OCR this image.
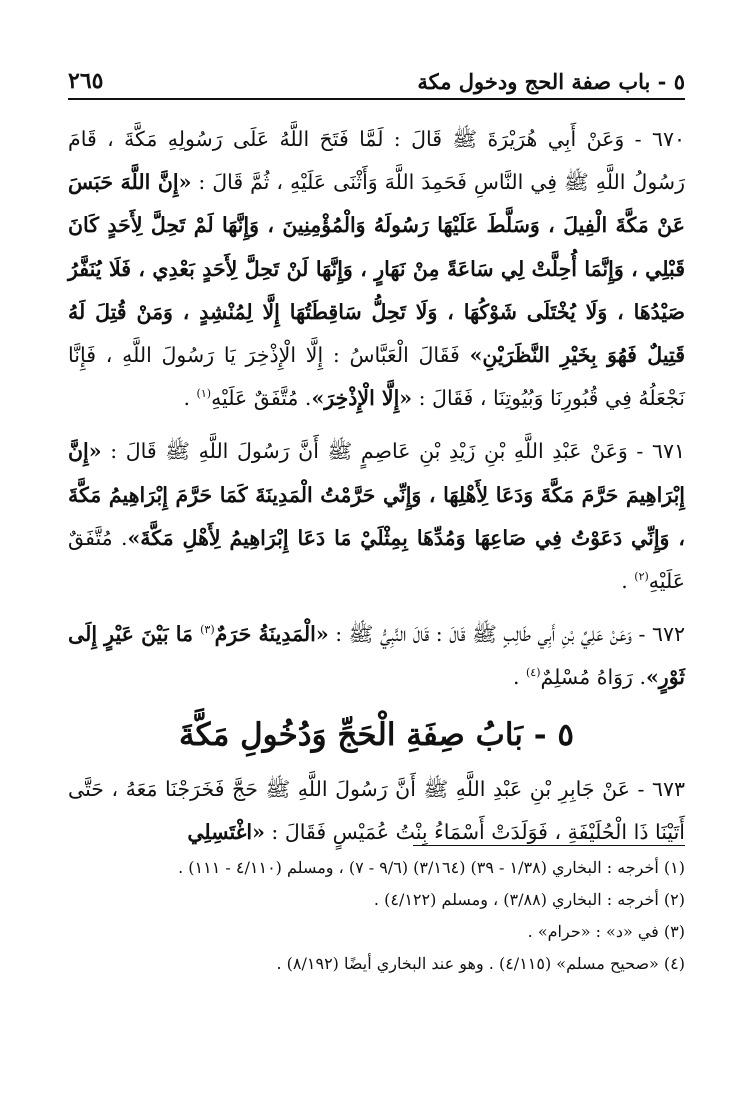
٢٦٥	٥ - باب صفة الحج ودخول مكة

٦٧٠ - وَعَنْ أَبِي هُرَيْرَةَ ﷺ قَالَ : لَمَّا فَتَحَ اللَّهُ عَلَى رَسُولِهِ مَكَّةَ ، قَامَ رَسُولُ اللَّهِ ﷺ فِي النَّاسِ فَحَمِدَ اللَّهَ وَأَثْنَى عَلَيْهِ ، ثُمَّ قَالَ : «إِنَّ اللَّهَ حَبَسَ عَنْ مَكَّةَ الْفِيلَ ، وَسَلَّطَ عَلَيْهَا رَسُولَهُ وَالْمُؤْمِنِينَ ، وَإِنَّهَا لَمْ تَحِلَّ لِأَحَدٍ كَانَ قَبْلِي ، وَإِنَّمَا أُحِلَّتْ لِي سَاعَةً مِنْ نَهَارٍ ، وَإِنَّهَا لَنْ تَحِلَّ لِأَحَدٍ بَعْدِي ، فَلَا يُنَفَّرُ صَيْدُهَا ، وَلَا يُخْتَلَى شَوْكُهَا ، وَلَا تَحِلُّ سَاقِطَتُهَا إِلَّا لِمُنْشِدٍ ، وَمَنْ قُتِلَ لَهُ قَتِيلٌ فَهُوَ بِخَيْرِ النَّظَرَيْنِ» فَقَالَ الْعَبَّاسُ : إِلَّا الْإِذْخِرَ يَا رَسُولَ اللَّهِ ، فَإِنَّا نَجْعَلُهُ فِي قُبُورِنَا وَبُيُوتِنَا ، فَقَالَ : «إِلَّا الْإِذْخِرَ». مُتَّفَقٌ عَلَيْهِ$^{(١)}$ .

٦٧١ - وَعَنْ عَبْدِ اللَّهِ بْنِ زَيْدِ بْنِ عَاصِمٍ ﷺ أَنَّ رَسُولَ اللَّهِ ﷺ قَالَ : «إِنَّ إِبْرَاهِيمَ حَرَّمَ مَكَّةَ وَدَعَا لِأَهْلِهَا ، وَإِنِّي حَرَّمْتُ الْمَدِينَةَ كَمَا حَرَّمَ إِبْرَاهِيمُ مَكَّةَ ، وَإِنِّي دَعَوْتُ فِي صَاعِهَا وَمُدِّهَا بِمِثْلَيْ مَا دَعَا إِبْرَاهِيمُ لِأَهْلِ مَكَّةَ». مُتَّفَقٌ عَلَيْهِ$^{(٢)}$ .

٦٧٢ - وَعَنْ عَلِيِّ بْنِ أَبِي طَالِبٍ ﷺ قَالَ : قَالَ النَّبِيُّ ﷺ : «الْمَدِينَةُ حَرَمٌ$^{(٣)}$ مَا بَيْنَ عَيْرٍ إِلَى ثَوْرٍ». رَوَاهُ مُسْلِمٌ$^{(٤)}$ .

٥ - بَابُ صِفَةِ الْحَجِّ وَدُخُولِ مَكَّةَ

٦٧٣ - عَنْ جَابِرِ بْنِ عَبْدِ اللَّهِ ﷺ أَنَّ رَسُولَ اللَّهِ ﷺ حَجَّ فَخَرَجْنَا مَعَهُ ، حَتَّى أَتَيْنَا ذَا الْحُلَيْفَةِ ، فَوَلَدَتْ أَسْمَاءُ بِنْتُ عُمَيْسٍ فَقَالَ : «اغْتَسِلِي

(١) أخرجه : البخاري (١/٣٨ - ٣٩) (٣/١٦٤) (٩/٦ - ٧) ، ومسلم (٤/١١٠ - ١١١) .

(٢) أخرجه : البخاري (٣/٨٨) ، ومسلم (٤/١٢٢) .

(٣) في «د» : «حرام» .

(٤) «صحيح مسلم» (٤/١١٥) . وهو عند البخاري أيضًا (٨/١٩٢) .
